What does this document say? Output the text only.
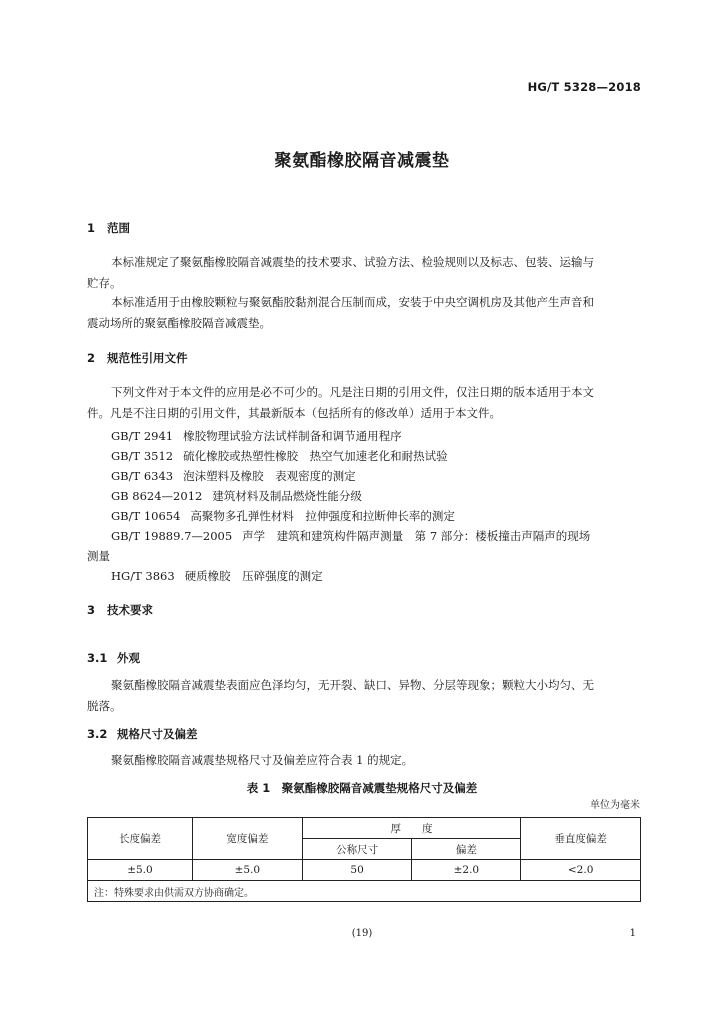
HG/T 5328—2018
聚氨酯橡胶隔音减震垫
1 范围
本标准规定了聚氨酯橡胶隔音减震垫的技术要求、试验方法、检验规则以及标志、包装、运输与
贮存。
本标准适用于由橡胶颗粒与聚氨酯胶黏剂混合压制而成，安装于中央空调机房及其他产生声音和
震动场所的聚氨酯橡胶隔音减震垫。
2 规范性引用文件
下列文件对于本文件的应用是必不可少的。凡是注日期的引用文件，仅注日期的版本适用于本文
件。凡是不注日期的引用文件，其最新版本（包括所有的修改单）适用于本文件。
GB/T 2941 橡胶物理试验方法试样制备和调节通用程序
GB/T 3512 硫化橡胶或热塑性橡胶　热空气加速老化和耐热试验
GB/T 6343 泡沫塑料及橡胶　表观密度的测定
GB 8624—2012 建筑材料及制品燃烧性能分级
GB/T 10654 高聚物多孔弹性材料　拉伸强度和拉断伸长率的测定
GB/T 19889.7—2005 声学　建筑和建筑构件隔声测量　第 7 部分：楼板撞击声隔声的现场
测量
HG/T 3863 硬质橡胶　压碎强度的测定
3 技术要求
3.1 外观
聚氨酯橡胶隔音减震垫表面应色泽均匀，无开裂、缺口、异物、分层等现象；颗粒大小均匀、无
脱落。
3.2 规格尺寸及偏差
聚氨酯橡胶隔音减震垫规格尺寸及偏差应符合表 1 的规定。
表 1　聚氨酯橡胶隔音减震垫规格尺寸及偏差
单位为毫米
长度偏差	宽度偏差	厚　　度		垂直度偏差
		公称尺寸	偏差	
±5.0	±5.0	50	±2.0	<2.0
注：特殊要求由供需双方协商确定。				
(19)	1
